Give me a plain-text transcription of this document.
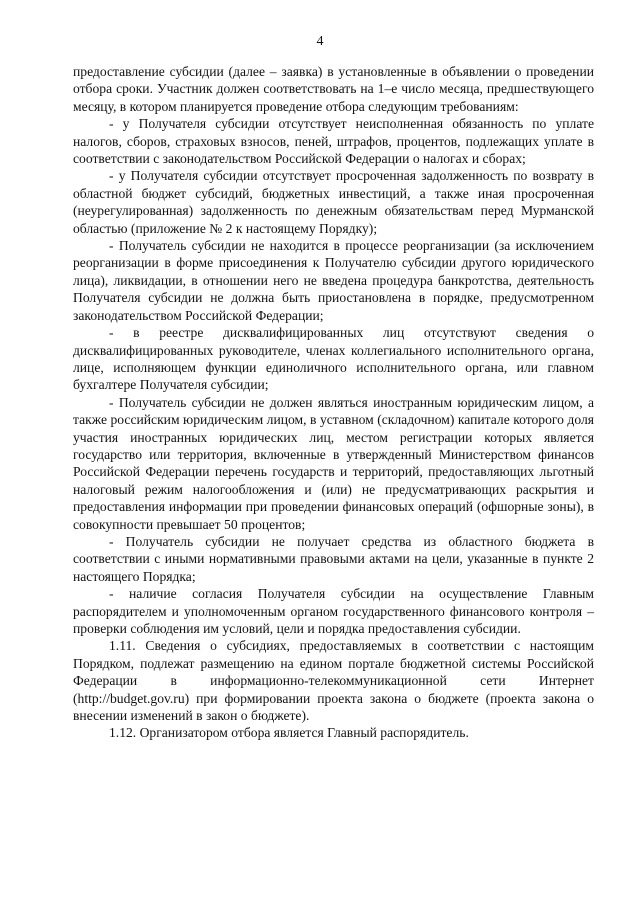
4

предоставление субсидии (далее – заявка) в установленные в объявлении о проведении отбора сроки. Участник должен соответствовать на 1–е число месяца, предшествующего месяцу, в котором планируется проведение отбора следующим требованиям:

- у Получателя субсидии отсутствует неисполненная обязанность по уплате налогов, сборов, страховых взносов, пеней, штрафов, процентов, подлежащих уплате в соответствии с законодательством Российской Федерации о налогах и сборах;

- у Получателя субсидии отсутствует просроченная задолженность по возврату в областной бюджет субсидий, бюджетных инвестиций, а также иная просроченная (неурегулированная) задолженность по денежным обязательствам перед Мурманской областью (приложение № 2 к настоящему Порядку);

- Получатель субсидии не находится в процессе реорганизации (за исключением реорганизации в форме присоединения к Получателю субсидии другого юридического лица), ликвидации, в отношении него не введена процедура банкротства, деятельность Получателя субсидии не должна быть приостановлена в порядке, предусмотренном законодательством Российской Федерации;

- в реестре дисквалифицированных лиц отсутствуют сведения о дисквалифицированных руководителе, членах коллегиального исполнительного органа, лице, исполняющем функции единоличного исполнительного органа, или главном бухгалтере Получателя субсидии;

- Получатель субсидии не должен являться иностранным юридическим лицом, а также российским юридическим лицом, в уставном (складочном) капитале которого доля участия иностранных юридических лиц, местом регистрации которых является государство или территория, включенные в утвержденный Министерством финансов Российской Федерации перечень государств и территорий, предоставляющих льготный налоговый режим налогообложения и (или) не предусматривающих раскрытия и предоставления информации при проведении финансовых операций (офшорные зоны), в совокупности превышает 50 процентов;

- Получатель субсидии не получает средства из областного бюджета в соответствии с иными нормативными правовыми актами на цели, указанные в пункте 2 настоящего Порядка;

- наличие согласия Получателя субсидии на осуществление Главным распорядителем и уполномоченным органом государственного финансового контроля – проверки соблюдения им условий, цели и порядка предоставления субсидии.

1.11. Сведения о субсидиях, предоставляемых в соответствии с настоящим Порядком, подлежат размещению на едином портале бюджетной системы Российской Федерации в информационно-телекоммуникационной сети Интернет (http://budget.gov.ru) при формировании проекта закона о бюджете (проекта закона о внесении изменений в закон о бюджете).

1.12. Организатором отбора является Главный распорядитель.
